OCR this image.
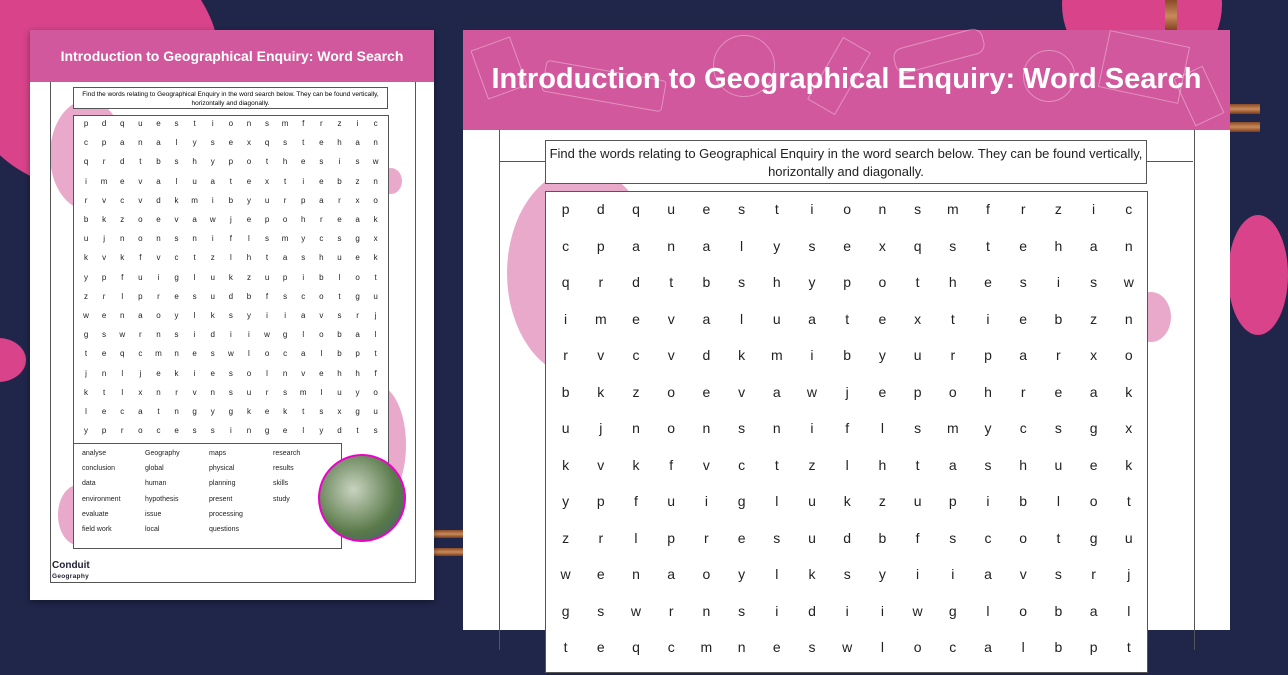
Introduction to Geographical Enquiry: Word Search
Find the words relating to Geographical Enquiry in the word search below. They can be found vertically, horizontally and diagonally.
p	d	q	u	e	s	t	i	o	n	s	m	f	r	z	i	c
c	p	a	n	a	l	y	s	e	x	q	s	t	e	h	a	n
q	r	d	t	b	s	h	y	p	o	t	h	e	s	i	s	w
i	m	e	v	a	l	u	a	t	e	x	t	i	e	b	z	n
r	v	c	v	d	k	m	i	b	y	u	r	p	a	r	x	o
b	k	z	o	e	v	a	w	j	e	p	o	h	r	e	a	k
u	j	n	o	n	s	n	i	f	l	s	m	y	c	s	g	x
k	v	k	f	v	c	t	z	l	h	t	a	s	h	u	e	k
y	p	f	u	i	g	l	u	k	z	u	p	i	b	l	o	t
z	r	l	p	r	e	s	u	d	b	f	s	c	o	t	g	u
w	e	n	a	o	y	l	k	s	y	i	i	a	v	s	r	j
g	s	w	r	n	s	i	d	i	i	w	g	l	o	b	a	l
t	e	q	c	m	n	e	s	w	l	o	c	a	l	b	p	t
j	n	l	j	e	k	i	e	s	o	l	n	v	e	h	h	f
k	t	l	x	n	r	v	n	s	u	r	s	m	l	u	y	o
l	e	c	a	t	n	g	y	g	k	e	k	t	s	x	g	u
y	p	r	o	c	e	s	s	i	n	g	e	l	y	d	t	s
analyse	Geography	maps	research
conclusion	global	physical	results
data	human	planning	skills
environment	hypothesis	present	study
evaluate	issue	processing
field work	local	questions
Conduit
Geography
Introduction to Geographical Enquiry: Word Search
Find the words relating to Geographical Enquiry in the word search below. They can be found vertically, horizontally and diagonally.
p	d	q	u	e	s	t	i	o	n	s	m	f	r	z	i	c
c	p	a	n	a	l	y	s	e	x	q	s	t	e	h	a	n
q	r	d	t	b	s	h	y	p	o	t	h	e	s	i	s	w
i	m	e	v	a	l	u	a	t	e	x	t	i	e	b	z	n
r	v	c	v	d	k	m	i	b	y	u	r	p	a	r	x	o
b	k	z	o	e	v	a	w	j	e	p	o	h	r	e	a	k
u	j	n	o	n	s	n	i	f	l	s	m	y	c	s	g	x
k	v	k	f	v	c	t	z	l	h	t	a	s	h	u	e	k
y	p	f	u	i	g	l	u	k	z	u	p	i	b	l	o	t
z	r	l	p	r	e	s	u	d	b	f	s	c	o	t	g	u
w	e	n	a	o	y	l	k	s	y	i	i	a	v	s	r	j
g	s	w	r	n	s	i	d	i	i	w	g	l	o	b	a	l
t	e	q	c	m	n	e	s	w	l	o	c	a	l	b	p	t
